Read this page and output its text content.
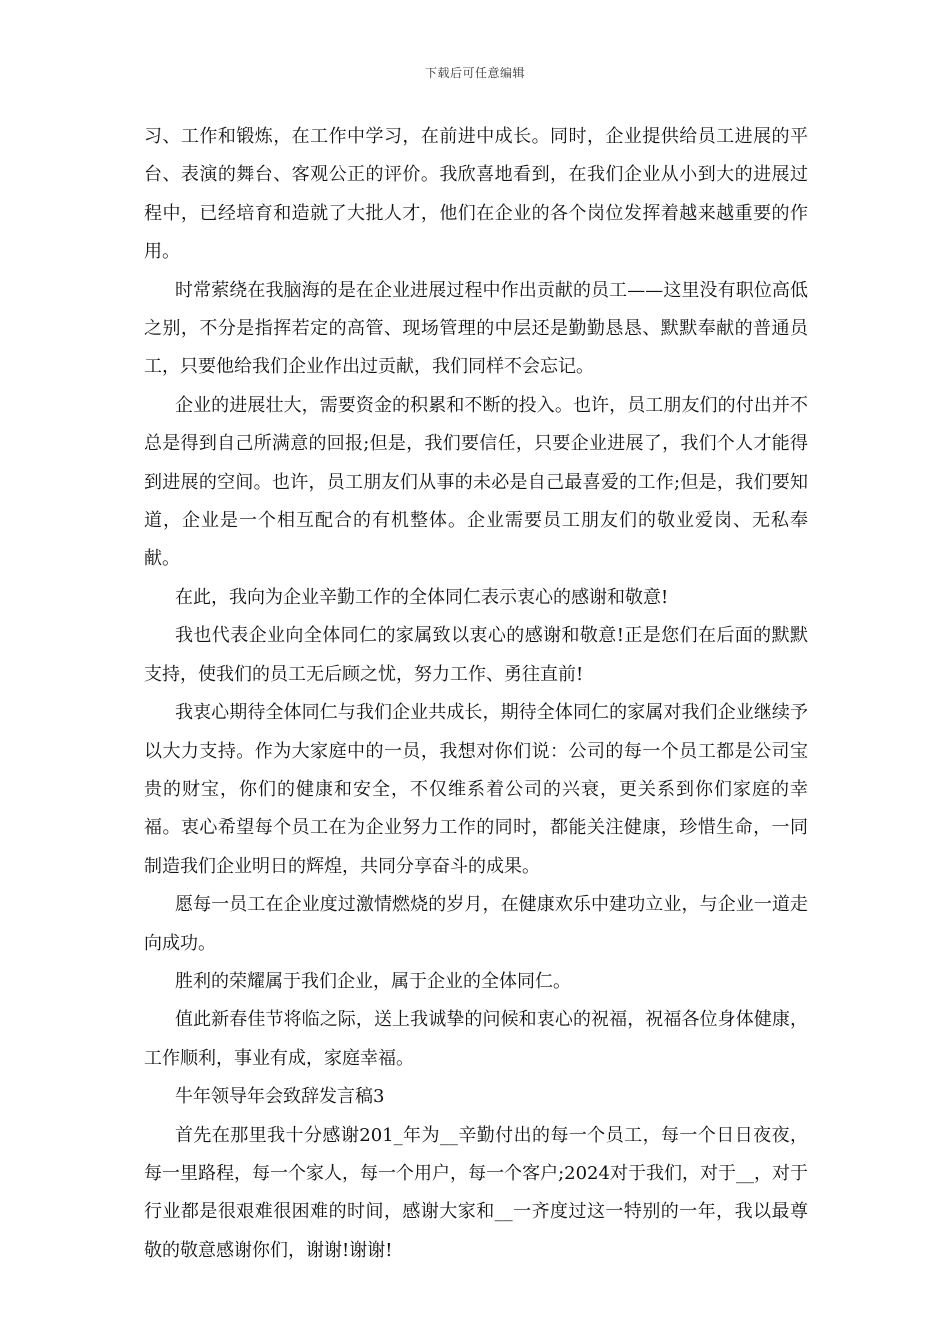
下载后可任意编辑

习、工作和锻炼，在工作中学习，在前进中成长。同时，企业提供给员工进展的平台、表演的舞台、客观公正的评价。我欣喜地看到，在我们企业从小到大的进展过程中，已经培育和造就了大批人才，他们在企业的各个岗位发挥着越来越重要的作用。

时常萦绕在我脑海的是在企业进展过程中作出贡献的员工——这里没有职位高低之别，不分是指挥若定的高管、现场管理的中层还是勤勤恳恳、默默奉献的普通员工，只要他给我们企业作出过贡献，我们同样不会忘记。

企业的进展壮大，需要资金的积累和不断的投入。也许，员工朋友们的付出并不总是得到自己所满意的回报;但是，我们要信任，只要企业进展了，我们个人才能得到进展的空间。也许，员工朋友们从事的未必是自己最喜爱的工作;但是，我们要知道，企业是一个相互配合的有机整体。企业需要员工朋友们的敬业爱岗、无私奉献。

在此，我向为企业辛勤工作的全体同仁表示衷心的感谢和敬意!

我也代表企业向全体同仁的家属致以衷心的感谢和敬意!正是您们在后面的默默支持，使我们的员工无后顾之忧，努力工作、勇往直前!

我衷心期待全体同仁与我们企业共成长，期待全体同仁的家属对我们企业继续予以大力支持。作为大家庭中的一员，我想对你们说：公司的每一个员工都是公司宝贵的财宝，你们的健康和安全，不仅维系着公司的兴衰，更关系到你们家庭的幸福。衷心希望每个员工在为企业努力工作的同时，都能关注健康，珍惜生命，一同制造我们企业明日的辉煌，共同分享奋斗的成果。

愿每一员工在企业度过激情燃烧的岁月，在健康欢乐中建功立业，与企业一道走向成功。

胜利的荣耀属于我们企业，属于企业的全体同仁。

值此新春佳节将临之际，送上我诚挚的问候和衷心的祝福，祝福各位身体健康，工作顺利，事业有成，家庭幸福。

牛年领导年会致辞发言稿3

首先在那里我十分感谢201_年为__辛勤付出的每一个员工，每一个日日夜夜，每一里路程，每一个家人，每一个用户，每一个客户;2024对于我们，对于__，对于行业都是很艰难很困难的时间，感谢大家和__一齐度过这一特别的一年，我以最尊敬的敬意感谢你们，谢谢!谢谢!
